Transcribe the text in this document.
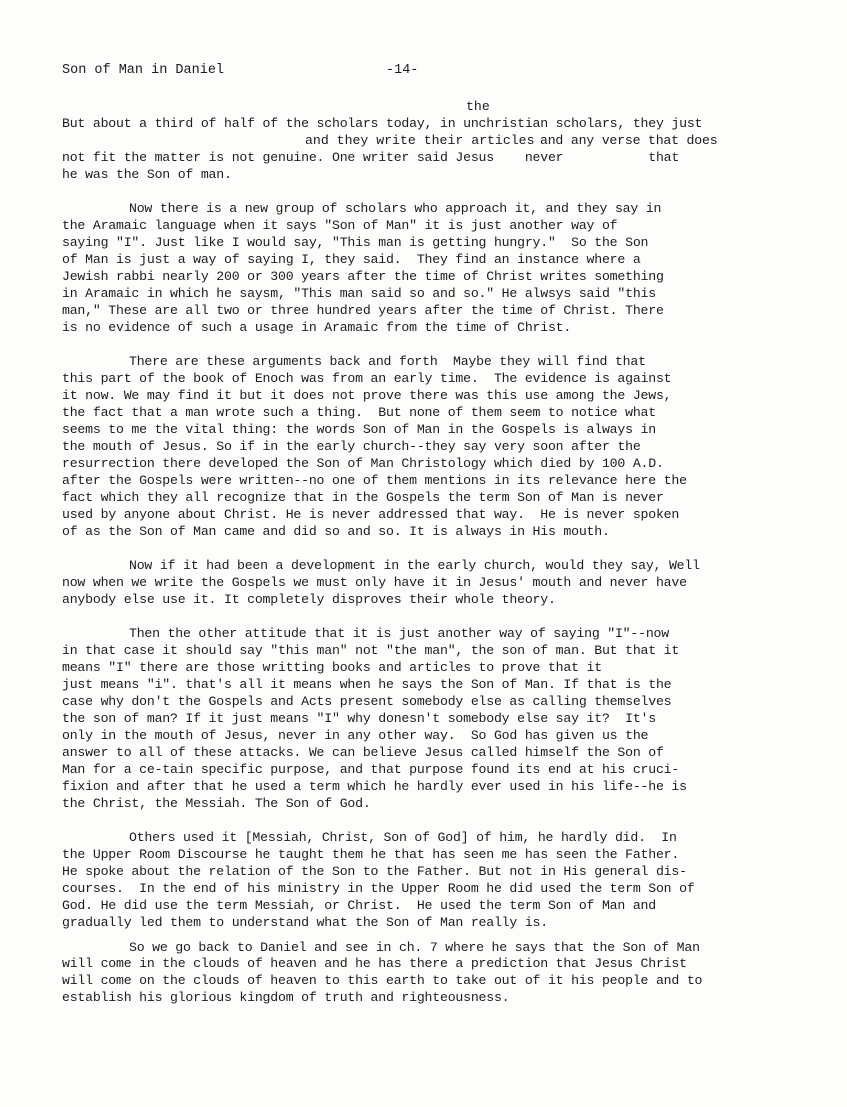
Son of Man in Daniel	-14-
the
But about a third of half of the scholars today, in unchristian scholars, they just
and they write their articles and any verse that does
not fit the matter is not genuine. One writer said Jesus    never           that
he was the Son of man.
Now there is a new group of scholars who approach it, and they say in
the Aramaic language when it says "Son of Man" it is just another way of
saying "I". Just like I would say, "This man is getting hungry."  So the Son
of Man is just a way of saying I, they said.  They find an instance where a
Jewish rabbi nearly 200 or 300 years after the time of Christ writes something
in Aramaic in which he saysm, "This man said so and so." He alwsys said "this
man," These are all two or three hundred years after the time of Christ. There
is no evidence of such a usage in Aramaic from the time of Christ.
There are these arguments back and forth  Maybe they will find that
this part of the book of Enoch was from an early time.  The evidence is against
it now. We may find it but it does not prove there was this use among the Jews,
the fact that a man wrote such a thing.  But none of them seem to notice what
seems to me the vital thing: the words Son of Man in the Gospels is always in
the mouth of Jesus. So if in the early church--they say very soon after the
resurrection there developed the Son of Man Christology which died by 100 A.D.
after the Gospels were written--no one of them mentions in its relevance here the
fact which they all recognize that in the Gospels the term Son of Man is never
used by anyone about Christ. He is never addressed that way.  He is never spoken
of as the Son of Man came and did so and so. It is always in His mouth.
Now if it had been a development in the early church, would they say, Well
now when we write the Gospels we must only have it in Jesus' mouth and never have
anybody else use it. It completely disproves their whole theory.
Then the other attitude that it is just another way of saying "I"--now
in that case it should say "this man" not "the man", the son of man. But that it
means "I" there are those writting books and articles to prove that it
just means "i". that's all it means when he says the Son of Man. If that is the
case why don't the Gospels and Acts present somebody else as calling themselves
the son of man? If it just means "I" why donesn't somebody else say it?  It's
only in the mouth of Jesus, never in any other way.  So God has given us the
answer to all of these attacks. We can believe Jesus called himself the Son of
Man for a ce-tain specific purpose, and that purpose found its end at his cruci-
fixion and after that he used a term which he hardly ever used in his life--he is
the Christ, the Messiah. The Son of God.
Others used it [Messiah, Christ, Son of God] of him, he hardly did.  In
the Upper Room Discourse he taught them he that has seen me has seen the Father.
He spoke about the relation of the Son to the Father. But not in His general dis-
courses.  In the end of his ministry in the Upper Room he did used the term Son of
God. He did use the term Messiah, or Christ.  He used the term Son of Man and
gradually led them to understand what the Son of Man really is.
So we go back to Daniel and see in ch. 7 where he says that the Son of Man
will come in the clouds of heaven and he has there a prediction that Jesus Christ
will come on the clouds of heaven to this earth to take out of it his people and to
establish his glorious kingdom of truth and righteousness.
